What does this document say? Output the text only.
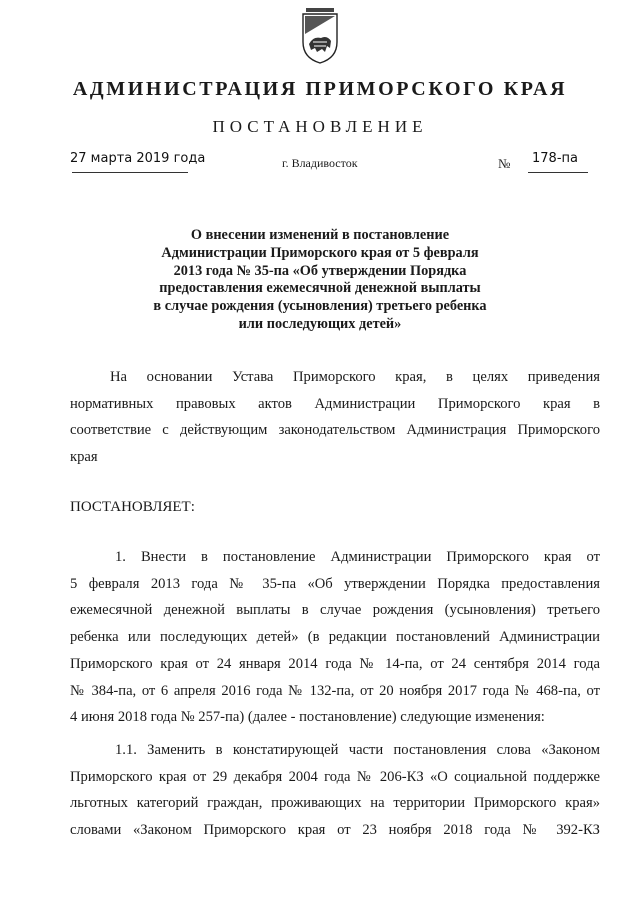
АДМИНИСТРАЦИЯ ПРИМОРСКОГО КРАЯ
ПОСТАНОВЛЕНИЕ
27 марта 2019 года	г. Владивосток	№ 178-па
О внесении изменений в постановление
Администрации Приморского края от 5 февраля
2013 года № 35-па «Об утверждении Порядка
предоставления ежемесячной денежной выплаты
в случае рождения (усыновления) третьего ребенка
или последующих детей»
На основании Устава Приморского края, в целях приведения
нормативных правовых актов Администрации Приморского края в
соответствие с действующим законодательством Администрация Приморского
края
ПОСТАНОВЛЯЕТ:
1. Внести в постановление Администрации Приморского края от
5 февраля 2013 года № 35-па «Об утверждении Порядка предоставления
ежемесячной денежной выплаты в случае рождения (усыновления) третьего
ребенка или последующих детей» (в редакции постановлений Администрации
Приморского края от 24 января 2014 года № 14-па, от 24 сентября 2014 года
№ 384-па, от 6 апреля 2016 года № 132-па, от 20 ноября 2017 года № 468-па, от
4 июня 2018 года № 257-па) (далее - постановление) следующие изменения:
1.1. Заменить в констатирующей части постановления слова «Законом
Приморского края от 29 декабря 2004 года № 206-КЗ «О социальной поддержке
льготных категорий граждан, проживающих на территории Приморского края»
словами «Законом Приморского края от 23 ноября 2018 года № 392-КЗ
